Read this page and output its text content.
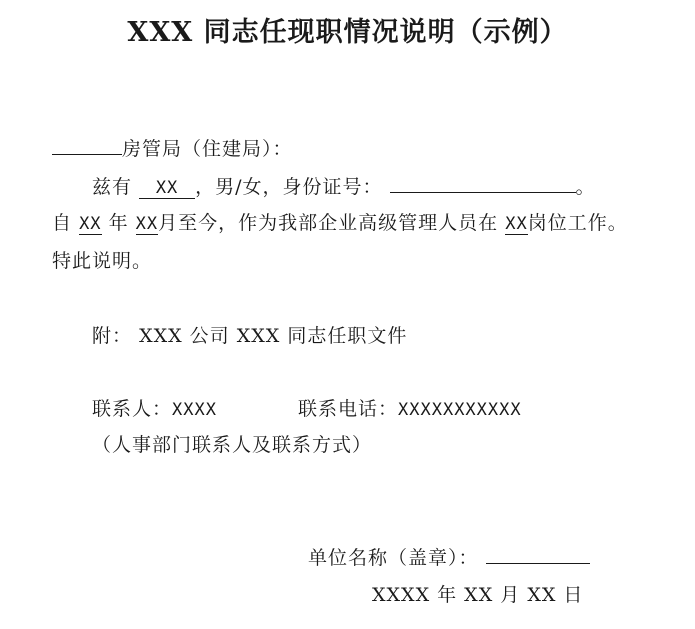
XXX 同志任现职情况说明（示例）
房管局（住建局）：
兹有 XX ，男/女，身份证号：	。
自 XX 年 XX月至今，作为我部企业高级管理人员在 XX岗位工作。
特此说明。
附： XXX 公司 XXX 同志任职文件
联系人：XXXX	联系电话：XXXXXXXXXXX
（人事部门联系人及联系方式）
单位名称（盖章）：
XXXX 年 XX 月 XX 日
